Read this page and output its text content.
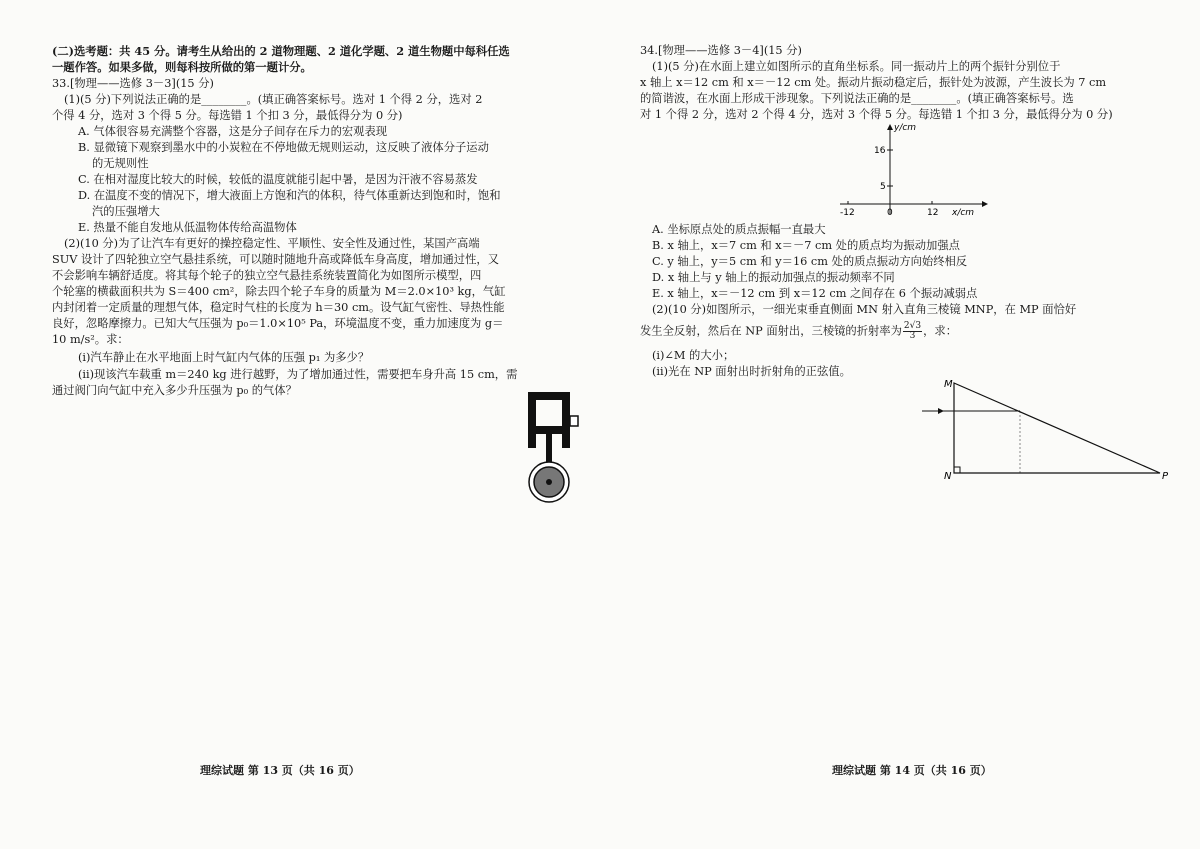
(二)选考题：共 45 分。请考生从给出的 2 道物理题、2 道化学题、2 道生物题中每科任选
一题作答。如果多做，则每科按所做的第一题计分。
33.[物理——选修 3－3](15 分)
(1)(5 分)下列说法正确的是________。(填正确答案标号。选对 1 个得 2 分，选对 2
个得 4 分，选对 3 个得 5 分。每选错 1 个扣 3 分，最低得分为 0 分)
A. 气体很容易充满整个容器，这是分子间存在斥力的宏观表现
B. 显微镜下观察到墨水中的小炭粒在不停地做无规则运动，这反映了液体分子运动
的无规则性
C. 在相对湿度比较大的时候，较低的温度就能引起中暑，是因为汗液不容易蒸发
D. 在温度不变的情况下，增大液面上方饱和汽的体积，待气体重新达到饱和时，饱和
汽的压强增大
E. 热量不能自发地从低温物体传给高温物体
(2)(10 分)为了让汽车有更好的操控稳定性、平顺性、安全性及通过性，某国产高端
SUV 设计了四轮独立空气悬挂系统，可以随时随地升高或降低车身高度，增加通过性，又
不会影响车辆舒适度。将其每个轮子的独立空气悬挂系统装置简化为如图所示模型，四
个轮塞的横截面积共为 S＝400 cm²，除去四个轮子车身的质量为 M＝2.0×10³ kg，气缸
内封闭着一定质量的理想气体，稳定时气柱的长度为 h＝30 cm。设气缸气密性、导热性能
良好，忽略摩擦力。已知大气压强为 p₀＝1.0×10⁵ Pa，环境温度不变，重力加速度为 g＝
10 m/s²。求：
(ⅰ)汽车静止在水平地面上时气缸内气体的压强 p₁ 为多少？
(ⅱ)现该汽车载重 m＝240 kg 进行越野，为了增加通过性，需要把车身升高 15 cm，需
通过阀门向气缸中充入多少升压强为 p₀ 的气体？
理综试题 第 13 页（共 16 页）
34.[物理——选修 3－4](15 分)
(1)(5 分)在水面上建立如图所示的直角坐标系。同一振动片上的两个振针分别位于
x 轴上 x＝12 cm 和 x＝－12 cm 处。振动片振动稳定后，振针处为波源，产生波长为 7 cm
的简谐波，在水面上形成干涉现象。下列说法正确的是________。(填正确答案标号。选
对 1 个得 2 分，选对 2 个得 4 分，选对 3 个得 5 分。每选错 1 个扣 3 分，最低得分为 0 分)
y/cm
x/cm
16
5
-12	0	12
A. 坐标原点处的质点振幅一直最大
B. x 轴上，x＝7 cm 和 x＝－7 cm 处的质点均为振动加强点
C. y 轴上，y＝5 cm 和 y＝16 cm 处的质点振动方向始终相反
D. x 轴上与 y 轴上的振动加强点的振动频率不同
E. x 轴上，x＝－12 cm 到 x＝12 cm 之间存在 6 个振动减弱点
(2)(10 分)如图所示，一细光束垂直侧面 MN 射入直角三棱镜 MNP，在 MP 面恰好
发生全反射，然后在 NP 面射出，三棱镜的折射率为 $\frac{2√3}{3}$ ，求：
(ⅰ)∠M 的大小；
(ⅱ)光在 NP 面射出时折射角的正弦值。
M
N	P
理综试题 第 14 页（共 16 页）
